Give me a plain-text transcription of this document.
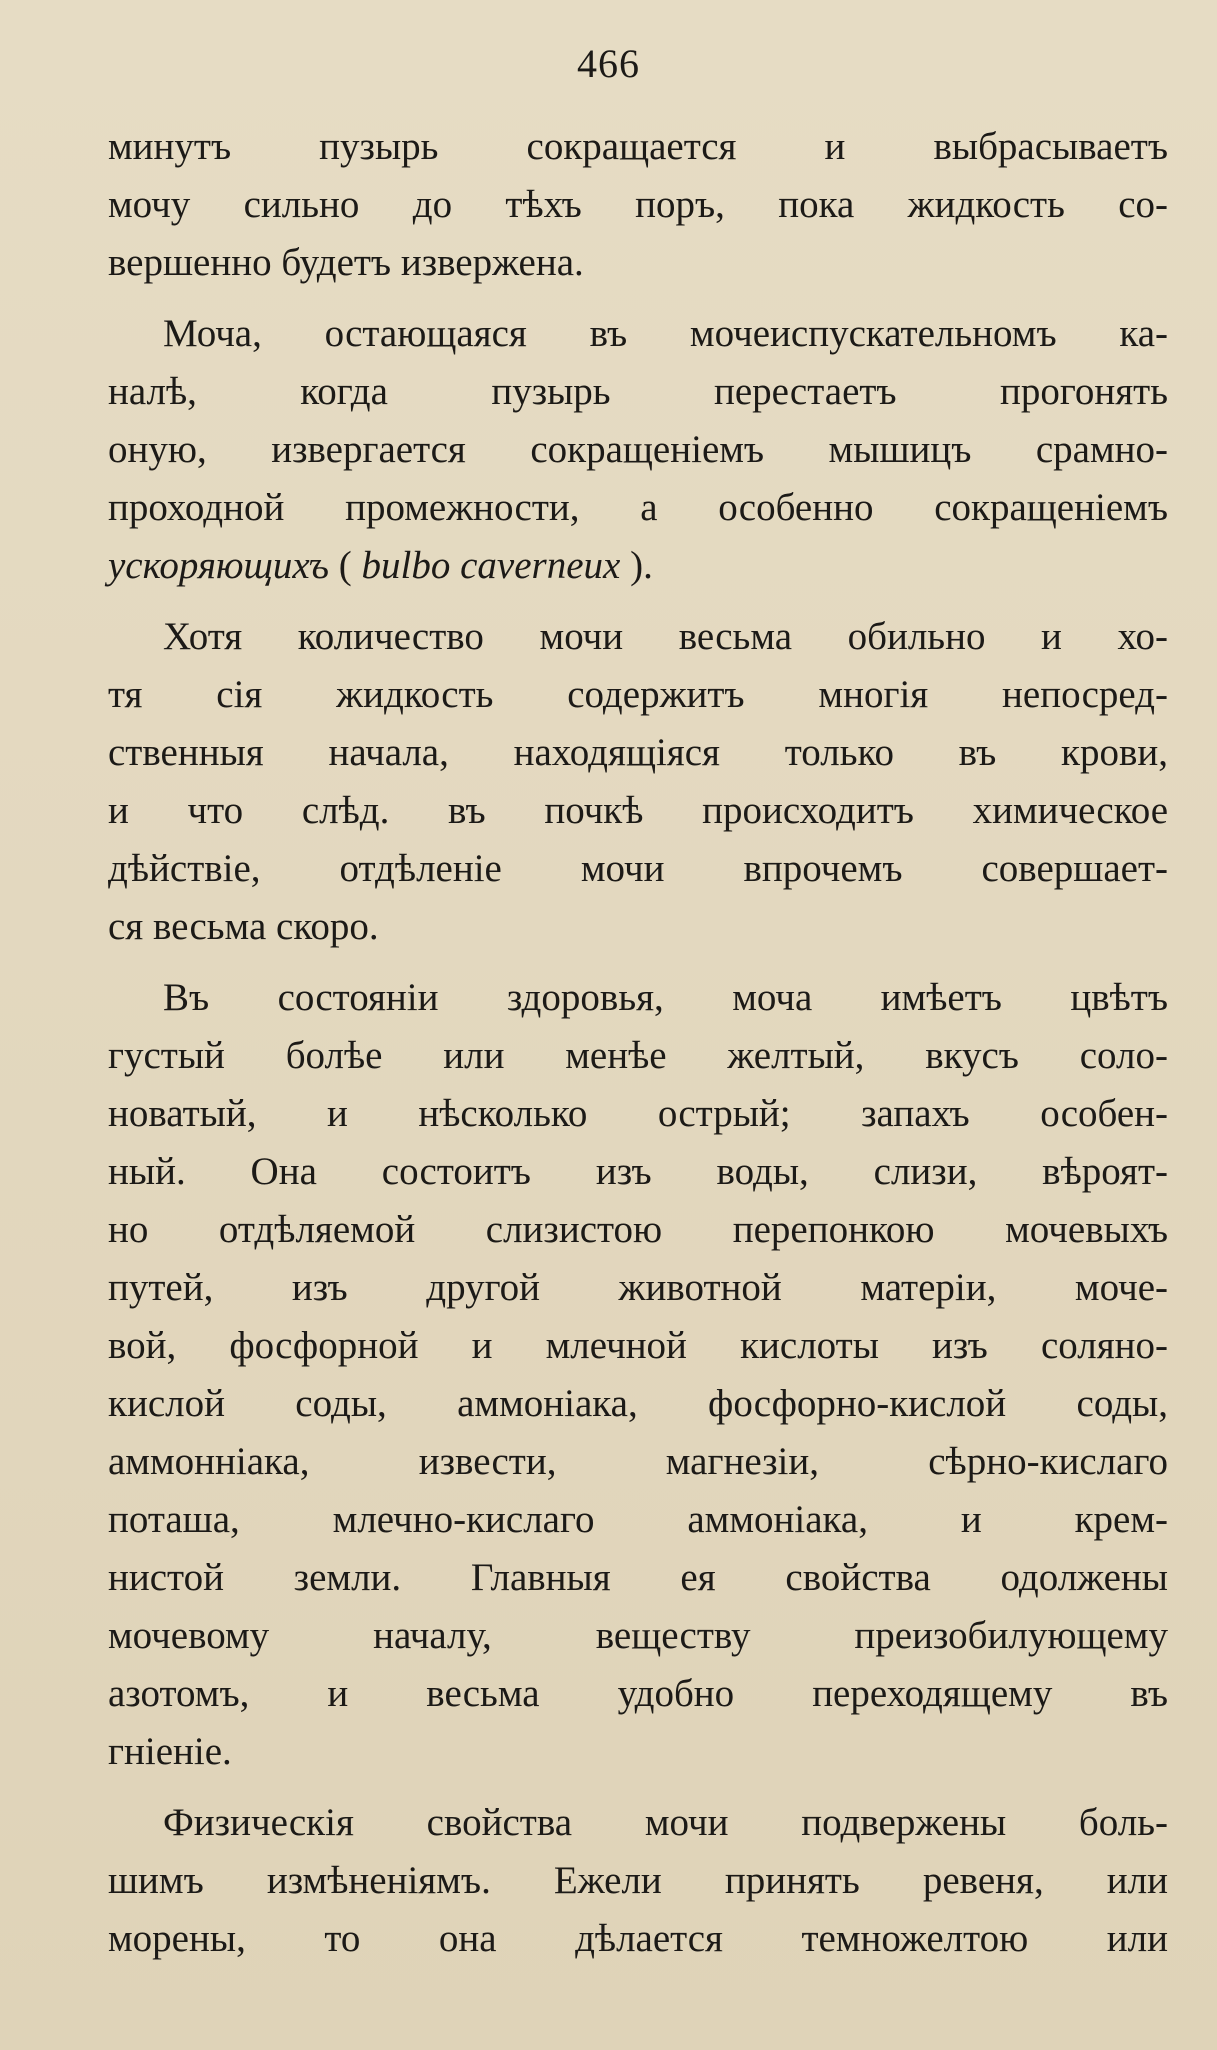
466
минутъ пузырь сокращается и выбрасываетъ
мочу сильно до тѣхъ поръ, пока жидкость со-
вершенно будетъ извержена.
Моча, остающаяся въ мочеиспускательномъ ка-
налѣ, когда пузырь перестаетъ прогонять
оную, извергается сокращеніемъ мышицъ срамно-
проходной промежности, а особенно сокращеніемъ
ускоряющихъ ( bulbo caverneux ).
Хотя количество мочи весьма обильно и хо-
тя сія жидкость содержитъ многія непосред-
ственныя начала, находящіяся только въ крови,
и что слѣд. въ почкѣ происходитъ химическое
дѣйствіе, отдѣленіе мочи впрочемъ совершает-
ся весьма скоро.
Въ состояніи здоровья, моча имѣетъ цвѣтъ
густый болѣе или менѣе желтый, вкусъ соло-
новатый, и нѣсколько острый; запахъ особен-
ный. Она состоитъ изъ воды, слизи, вѣроят-
но отдѣляемой слизистою перепонкою мочевыхъ
путей, изъ другой животной матеріи, моче-
вой, фосфорной и млечной кислоты изъ соляно-
кислой соды, аммоніака, фосфорно-кислой соды,
аммонніака, извести, магнезіи, сѣрно-кислаго
поташа, млечно-кислаго аммоніака, и крем-
нистой земли. Главныя ея свойства одолжены
мочевому началу, веществу преизобилующему
азотомъ, и весьма удобно переходящему въ
гніеніе.
Физическія свойства мочи подвержены боль-
шимъ измѣненіямъ. Ежели принять ревеня, или
морены, то она дѣлается темножелтою или
